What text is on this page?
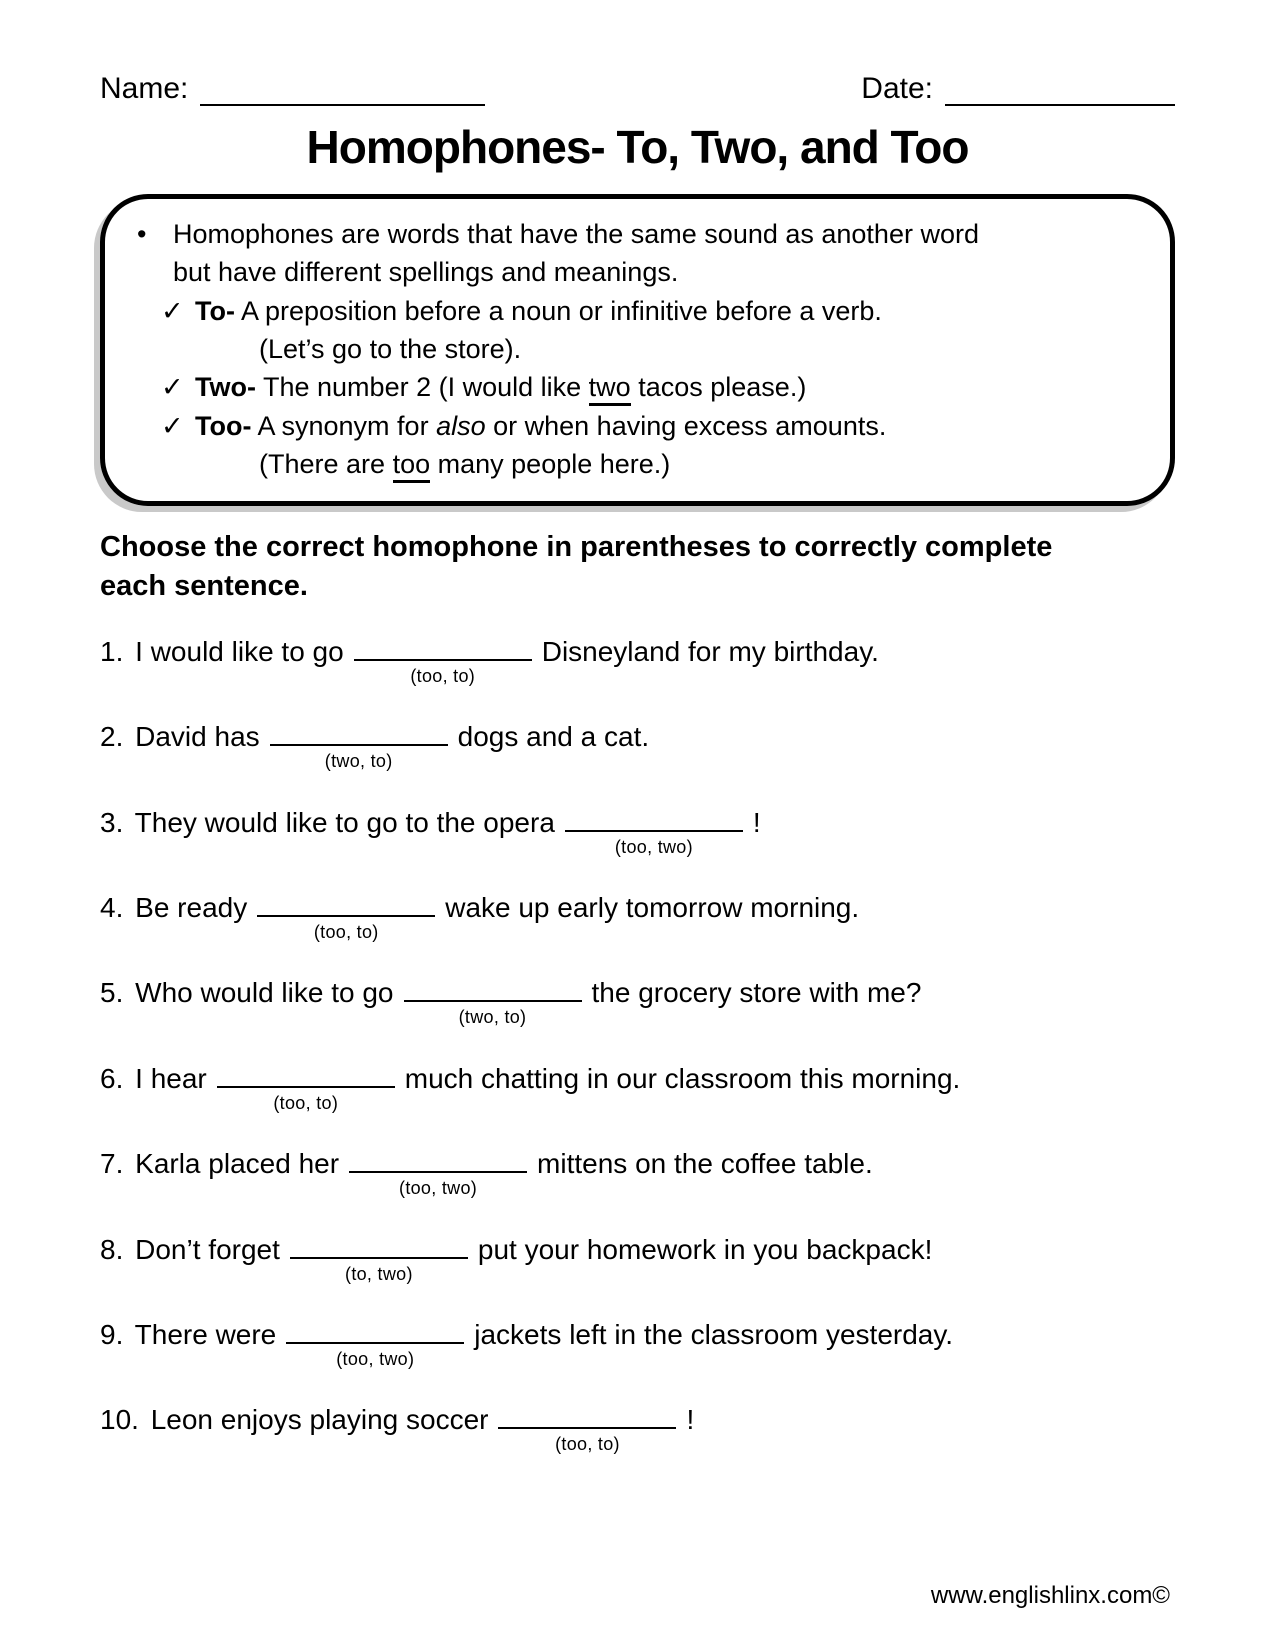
Name:	Date:
Homophones- To, Two, and Too
• Homophones are words that have the same sound as another word but have different spellings and meanings.
✓ To- A preposition before a noun or infinitive before a verb.
(Let’s go to the store).
✓ Two- The number 2 (I would like two tacos please.)
✓ Too- A synonym for also or when having excess amounts.
(There are too many people here.)
Choose the correct homophone in parentheses to correctly complete each sentence.
1. I would like to go
(too, to)
Disneyland for my birthday.
2. David has
(two, to)
dogs and a cat.
3. They would like to go to the opera
(too, two)
!
4. Be ready
(too, to)
wake up early tomorrow morning.
5. Who would like to go
(two, to)
the grocery store with me?
6. I hear
(too, to)
much chatting in our classroom this morning.
7. Karla placed her
(too, two)
mittens on the coffee table.
8. Don’t forget
(to, two)
put your homework in you backpack!
9. There were
(too, two)
jackets left in the classroom yesterday.
10. Leon enjoys playing soccer
(too, to)
!
www.englishlinx.com©
